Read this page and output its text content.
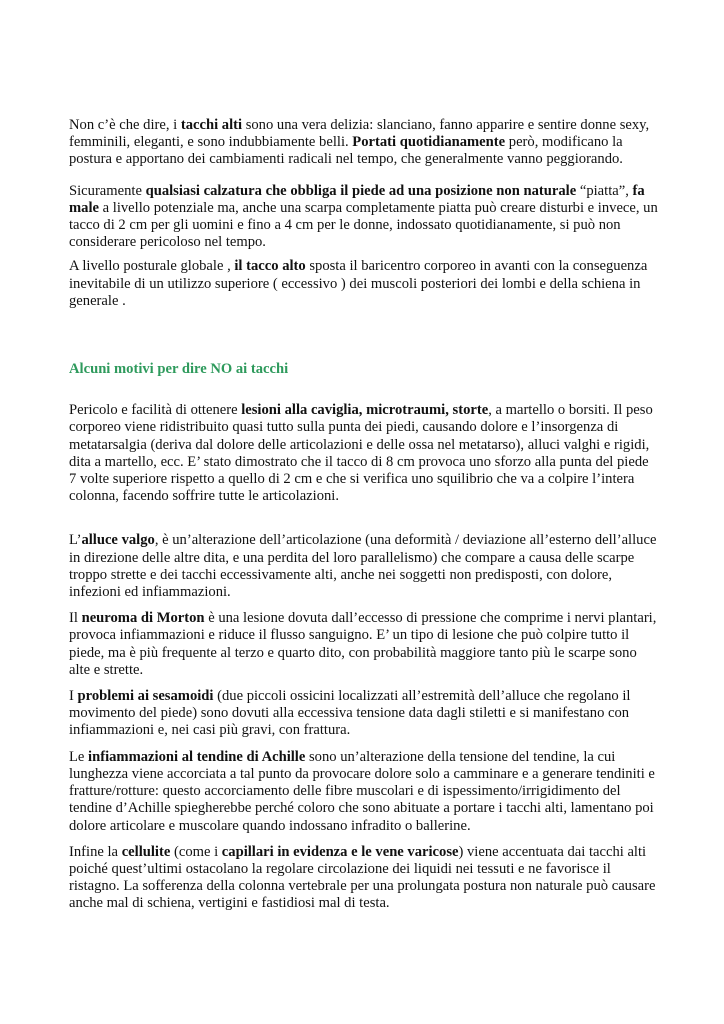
Non c’è che dire, i tacchi alti sono una vera delizia: slanciano, fanno apparire e sentire donne sexy, femminili, eleganti, e sono indubbiamente belli. Portati quotidianamente però, modificano la postura e apportano dei cambiamenti radicali nel tempo, che generalmente vanno peggiorando.

Sicuramente qualsiasi calzatura che obbliga il piede ad una posizione non naturale “piatta”, fa male a livello potenziale ma, anche una scarpa completamente piatta può creare disturbi e invece, un tacco di 2 cm per gli uomini e fino a 4 cm per le donne, indossato quotidianamente, si può non considerare pericoloso nel tempo.

A livello posturale globale , il tacco alto sposta il baricentro corporeo in avanti con la conseguenza inevitabile di un utilizzo superiore ( eccessivo ) dei muscoli posteriori dei lombi e della schiena in generale .

Alcuni motivi per dire NO ai tacchi

Pericolo e facilità di ottenere lesioni alla caviglia, microtraumi, storte, a martello o borsiti. Il peso corporeo viene ridistribuito quasi tutto sulla punta dei piedi, causando dolore e l’insorgenza di metatarsalgia (deriva dal dolore delle articolazioni e delle ossa nel metatarso), alluci valghi e rigidi, dita a martello, ecc. E’ stato dimostrato che il tacco di 8 cm provoca uno sforzo alla punta del piede 7 volte superiore rispetto a quello di 2 cm e che si verifica uno squilibrio che va a colpire l’intera colonna, facendo soffrire tutte le articolazioni.

L’alluce valgo, è un’alterazione dell’articolazione (una deformità / deviazione all’esterno dell’alluce in direzione delle altre dita, e una perdita del loro parallelismo) che compare a causa delle scarpe troppo strette e dei tacchi eccessivamente alti, anche nei soggetti non predisposti, con dolore, infezioni ed infiammazioni.

Il neuroma di Morton è una lesione dovuta dall’eccesso di pressione che comprime i nervi plantari, provoca infiammazioni e riduce il flusso sanguigno. E’ un tipo di lesione che può colpire tutto il piede, ma è più frequente al terzo e quarto dito, con probabilità maggiore tanto più le scarpe sono alte e strette.

I problemi ai sesamoidi (due piccoli ossicini localizzati all’estremità dell’alluce che regolano il movimento del piede) sono dovuti alla eccessiva tensione data dagli stiletti e si manifestano con infiammazioni e, nei casi più gravi, con frattura.

Le infiammazioni al tendine di Achille sono un’alterazione della tensione del tendine, la cui lunghezza viene accorciata a tal punto da provocare dolore solo a camminare e a generare tendiniti e fratture/rotture: questo accorciamento delle fibre muscolari e di ispessimento/irrigidimento del tendine d’Achille spiegherebbe perché coloro che sono abituate a portare i tacchi alti, lamentano poi dolore articolare e muscolare quando indossano infradito o ballerine.

Infine la cellulite (come i capillari in evidenza e le vene varicose) viene accentuata dai tacchi alti poiché quest’ultimi ostacolano la regolare circolazione dei liquidi nei tessuti e ne favorisce il ristagno. La sofferenza della colonna vertebrale per una prolungata postura non naturale può causare anche mal di schiena, vertigini e fastidiosi mal di testa.
